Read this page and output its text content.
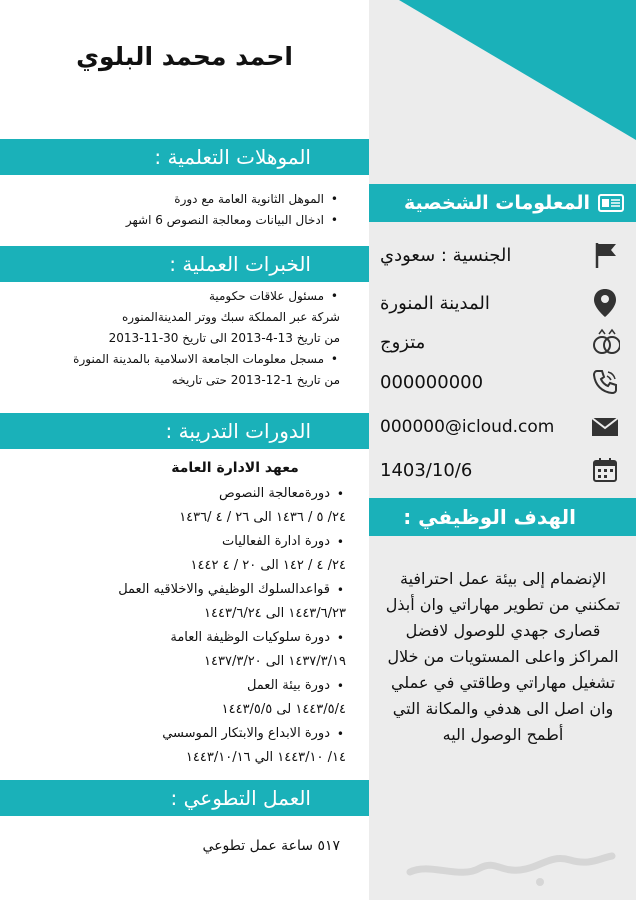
احمد محمد البلوي
الموهلات التعلمية :
• الموهل الثانوية العامة مع دورة
• ادخال البيانات ومعالجة النصوص 6 اشهر
الخبرات العملية :
• مسئول علاقات حكومية
شركة عبر المملكة سبك ووتر المدينةالمنوره
من تاريخ 13-4-2013 الى تاريخ 30-11-2013
• مسجل معلومات الجامعة الاسلامية بالمدينة المنورة
من تاريخ 1-12-2013 حتى تاريخه
الدورات التدريبة :
معهد الادارة العامة
• دورةمعالجة النصوص
٢٤/ ٥ / ١٤٣٦ الى ٢٦ / ٤ /١٤٣٦
• دورة ادارة الفعاليات
٢٤/ ٤ / ١٤٢ الى ٢٠ / ٤ ١٤٤٢
• قواعدالسلوك الوظيفي والاخلاقيه العمل
١٤٤٣/٦/٢٣ الى ١٤٤٣/٦/٢٤
• دورة سلوكيات الوظيفة العامة
١٤٣٧/٣/١٩ الى ١٤٣٧/٣/٢٠
• دورة بيئة العمل
١٤٤٣/٥/٤ لى ١٤٤٣/٥/٥
• دورة الابداع والابتكار الموسسي
١٤/ ١٤٤٣/١٠ الي ١٤٤٣/١٠/١٦
العمل التطوعي :
٥١٧ ساعة عمل تطوعي
المعلومات الشخصية
الجنسية : سعودي
المدينة المنورة
متزوج
000000000
000000@icloud.com
1403/10/6
الهدف الوظيفي :
الإنضمام إلى بيئة عمل احترافية تمكنني من تطوير مهاراتي وان أبذل قصارى جهدي للوصول لافضل المراكز واعلى المستويات من خلال تشغيل مهاراتي وطاقتي في عملي وان اصل الى هدفي والمكانة التي أطمح الوصول اليه
